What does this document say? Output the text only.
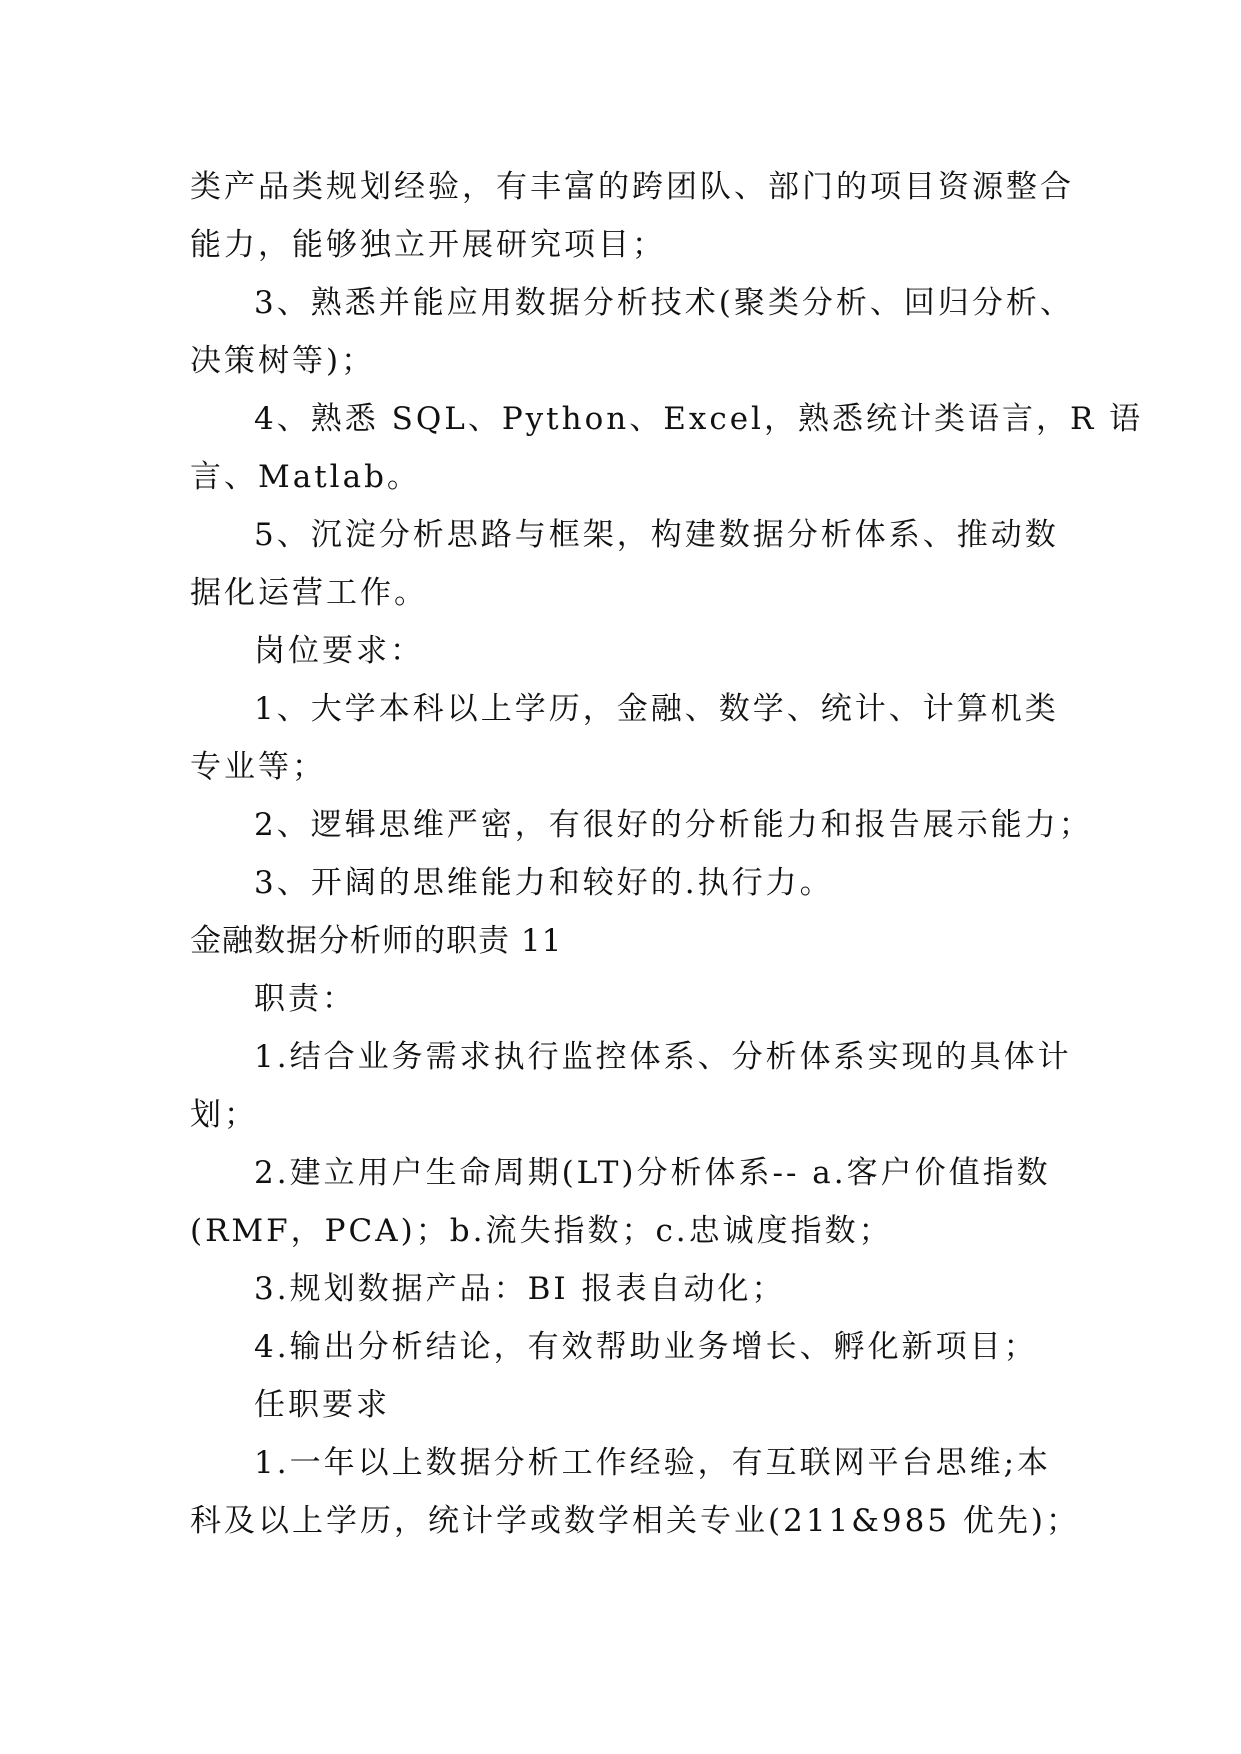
类产品类规划经验，有丰富的跨团队、部门的项目资源整合
能力，能够独立开展研究项目；
3、熟悉并能应用数据分析技术(聚类分析、回归分析、
决策树等)；
4、熟悉 SQL、Python、Excel，熟悉统计类语言，R 语
言、Matlab。
5、沉淀分析思路与框架，构建数据分析体系、推动数
据化运营工作。
岗位要求：
1、大学本科以上学历，金融、数学、统计、计算机类
专业等；
2、逻辑思维严密，有很好的分析能力和报告展示能力；
3、开阔的思维能力和较好的.执行力。
金融数据分析师的职责 11
职责：
1.结合业务需求执行监控体系、分析体系实现的具体计
划；
2.建立用户生命周期(LT)分析体系-- a.客户价值指数
(RMF，PCA)；b.流失指数；c.忠诚度指数；
3.规划数据产品：BI 报表自动化；
4.输出分析结论，有效帮助业务增长、孵化新项目；
任职要求
1.一年以上数据分析工作经验，有互联网平台思维;本
科及以上学历，统计学或数学相关专业(211&985 优先)；
